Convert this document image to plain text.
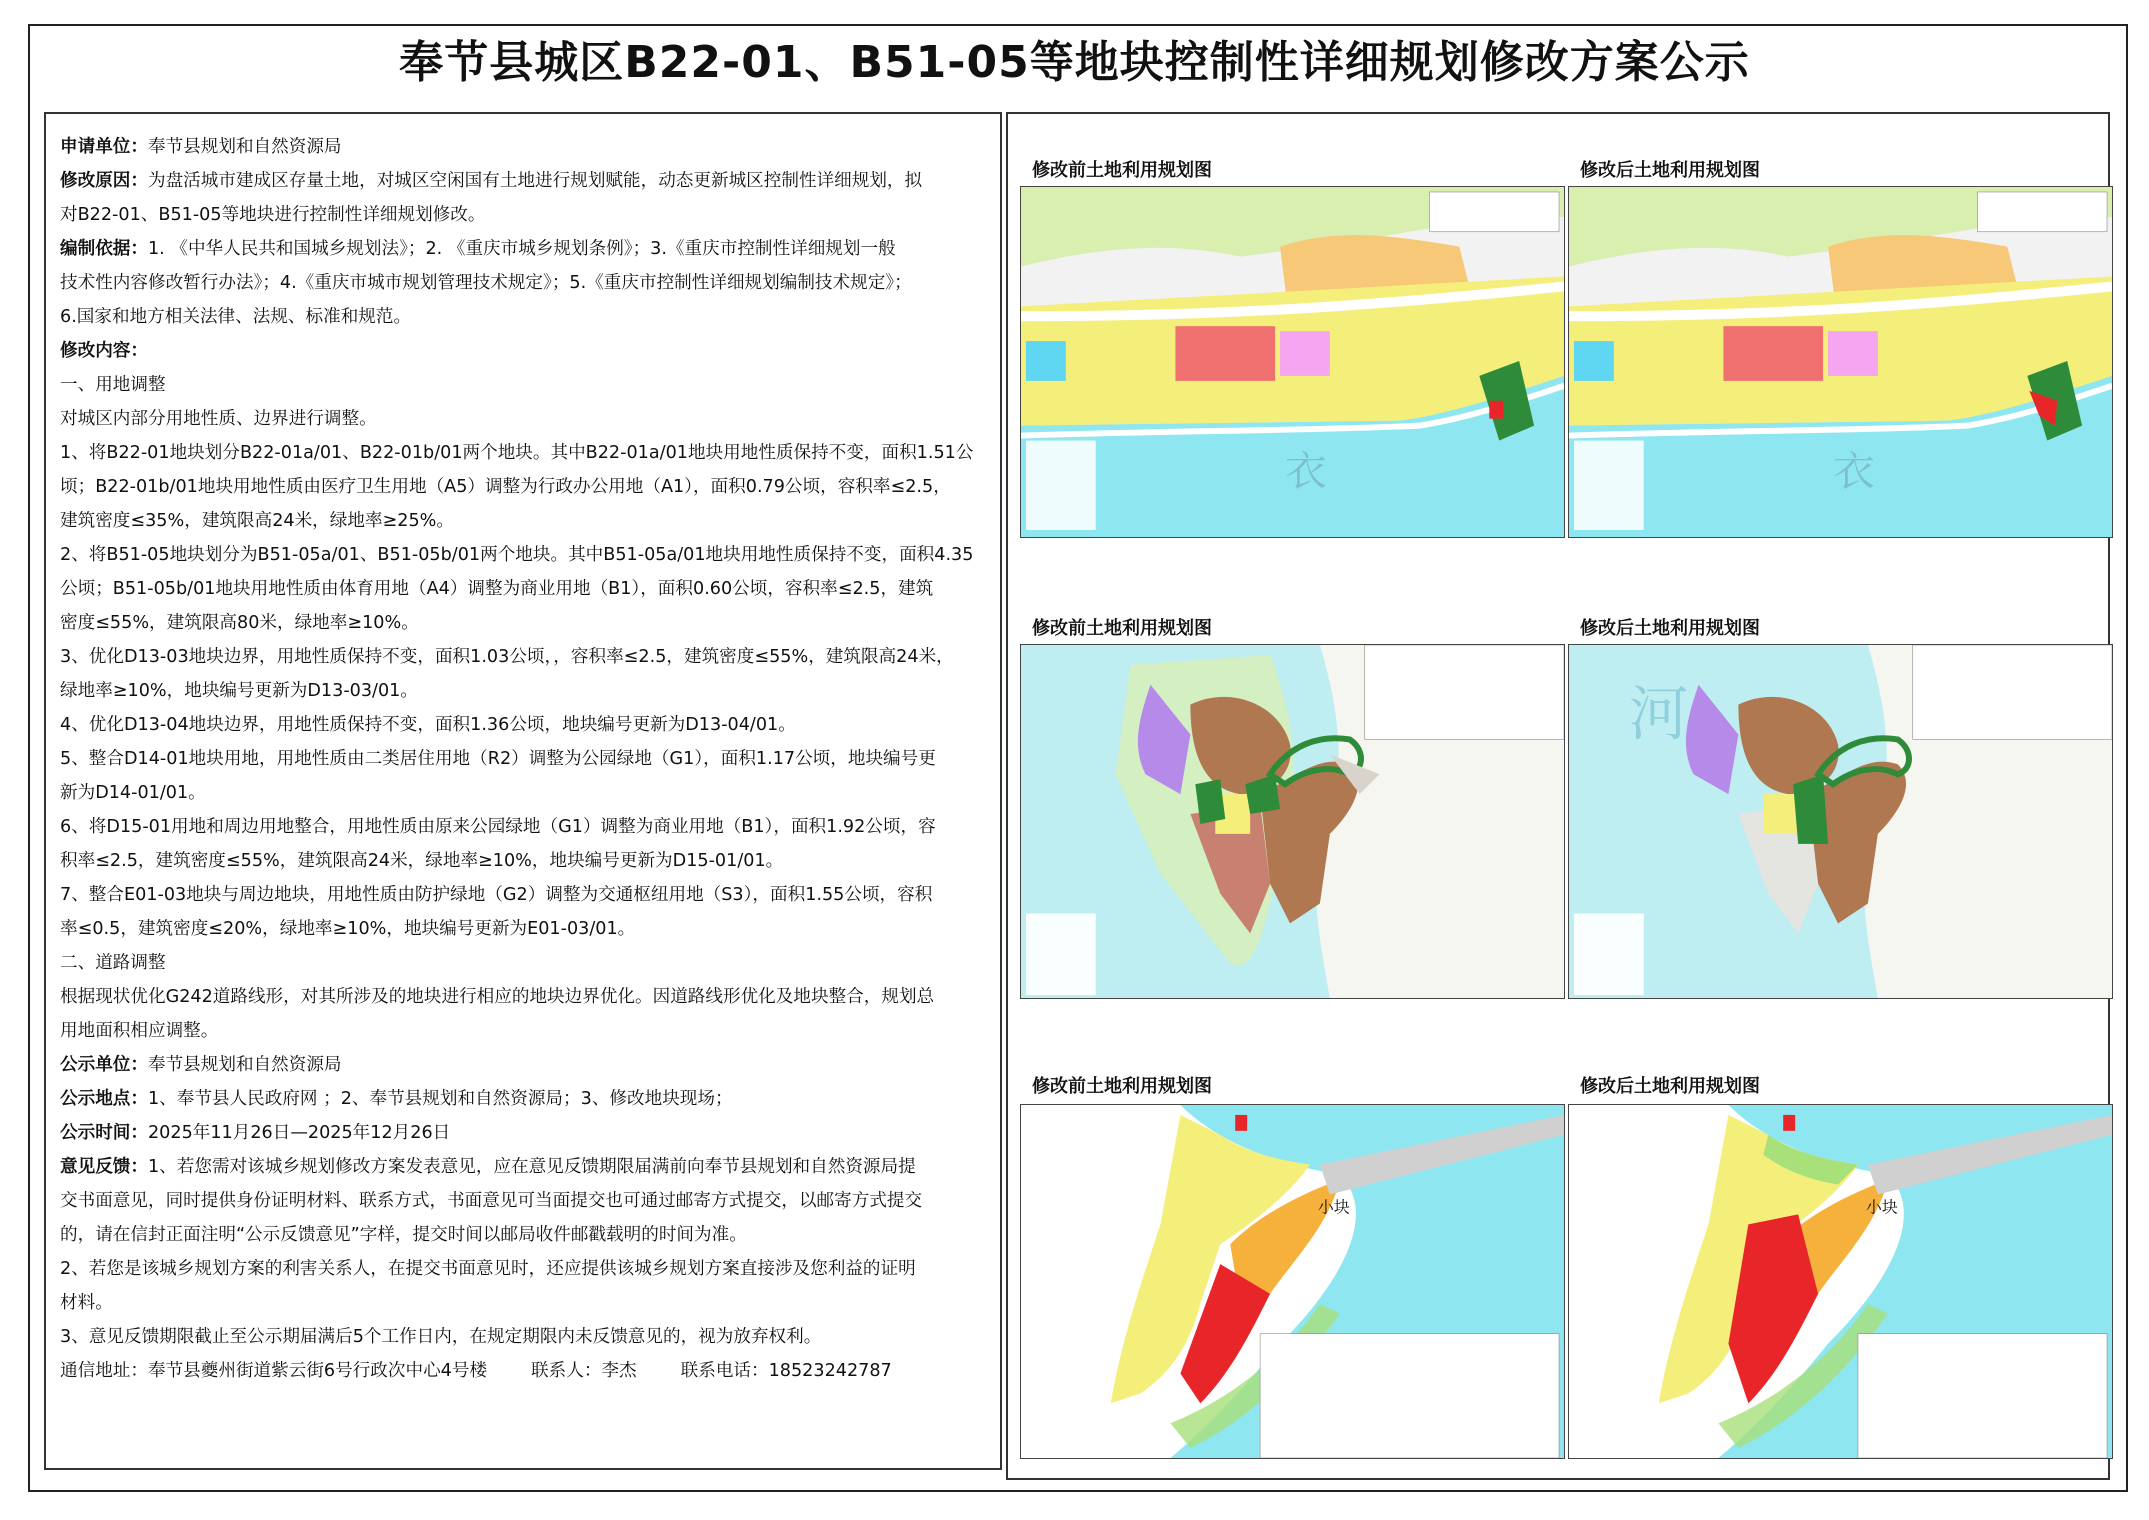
奉节县城区B22-01、B51-05等地块控制性详细规划修改方案公示

申请单位：奉节县规划和自然资源局

修改原因：为盘活城市建成区存量土地，对城区空闲国有土地进行规划赋能，动态更新城区控制性详细规划，拟

对B22-01、B51-05等地块进行控制性详细规划修改。

编制依据：1. 《中华人民共和国城乡规划法》；2. 《重庆市城乡规划条例》；3.《重庆市控制性详细规划一般

技术性内容修改暂行办法》；4.《重庆市城市规划管理技术规定》；5.《重庆市控制性详细规划编制技术规定》；

6.国家和地方相关法律、法规、标准和规范。

修改内容：

一、用地调整

对城区内部分用地性质、边界进行调整。

1、将B22-01地块划分B22-01a/01、B22-01b/01两个地块。其中B22-01a/01地块用地性质保持不变，面积1.51公

顷；B22-01b/01地块用地性质由医疗卫生用地（A5）调整为行政办公用地（A1），面积0.79公顷，容积率≤2.5，

建筑密度≤35%，建筑限高24米，绿地率≥25%。

2、将B51-05地块划分为B51-05a/01、B51-05b/01两个地块。其中B51-05a/01地块用地性质保持不变，面积4.35

公顷；B51-05b/01地块用地性质由体育用地（A4）调整为商业用地（B1），面积0.60公顷，容积率≤2.5，建筑

密度≤55%，建筑限高80米，绿地率≥10%。

3、优化D13-03地块边界，用地性质保持不变，面积1.03公顷，，容积率≤2.5，建筑密度≤55%，建筑限高24米，

绿地率≥10%，地块编号更新为D13-03/01。

4、优化D13-04地块边界，用地性质保持不变，面积1.36公顷，地块编号更新为D13-04/01。

5、整合D14-01地块用地，用地性质由二类居住用地（R2）调整为公园绿地（G1），面积1.17公顷，地块编号更

新为D14-01/01。

6、将D15-01用地和周边用地整合，用地性质由原来公园绿地（G1）调整为商业用地（B1），面积1.92公顷，容

积率≤2.5，建筑密度≤55%，建筑限高24米，绿地率≥10%，地块编号更新为D15-01/01。

7、整合E01-03地块与周边地块，用地性质由防护绿地（G2）调整为交通枢纽用地（S3），面积1.55公顷，容积

率≤0.5，建筑密度≤20%，绿地率≥10%，地块编号更新为E01-03/01。

二、道路调整

根据现状优化G242道路线形，对其所涉及的地块进行相应的地块边界优化。因道路线形优化及地块整合，规划总

用地面积相应调整。

公示单位：奉节县规划和自然资源局

公示地点：1、奉节县人民政府网 ；2、奉节县规划和自然资源局；3、修改地块现场；

公示时间：2025年11月26日—2025年12月26日

意见反馈：1、若您需对该城乡规划修改方案发表意见，应在意见反馈期限届满前向奉节县规划和自然资源局提

交书面意见，同时提供身份证明材料、联系方式，书面意见可当面提交也可通过邮寄方式提交，以邮寄方式提交

的，请在信封正面注明“公示反馈意见”字样，提交时间以邮局收件邮戳载明的时间为准。

2、若您是该城乡规划方案的利害关系人，在提交书面意见时，还应提供该城乡规划方案直接涉及您利益的证明

材料。

3、意见反馈期限截止至公示期届满后5个工作日内，在规定期限内未反馈意见的，视为放弃权利。

通信地址：奉节县夔州街道紫云街6号行政次中心4号楼	联系人：李杰	联系电话：18523242787

修改前土地利用规划图	修改后土地利用规划图
衣	衣
修改前土地利用规划图	修改后土地利用规划图
河
修改前土地利用规划图	修改后土地利用规划图
小块	小块
